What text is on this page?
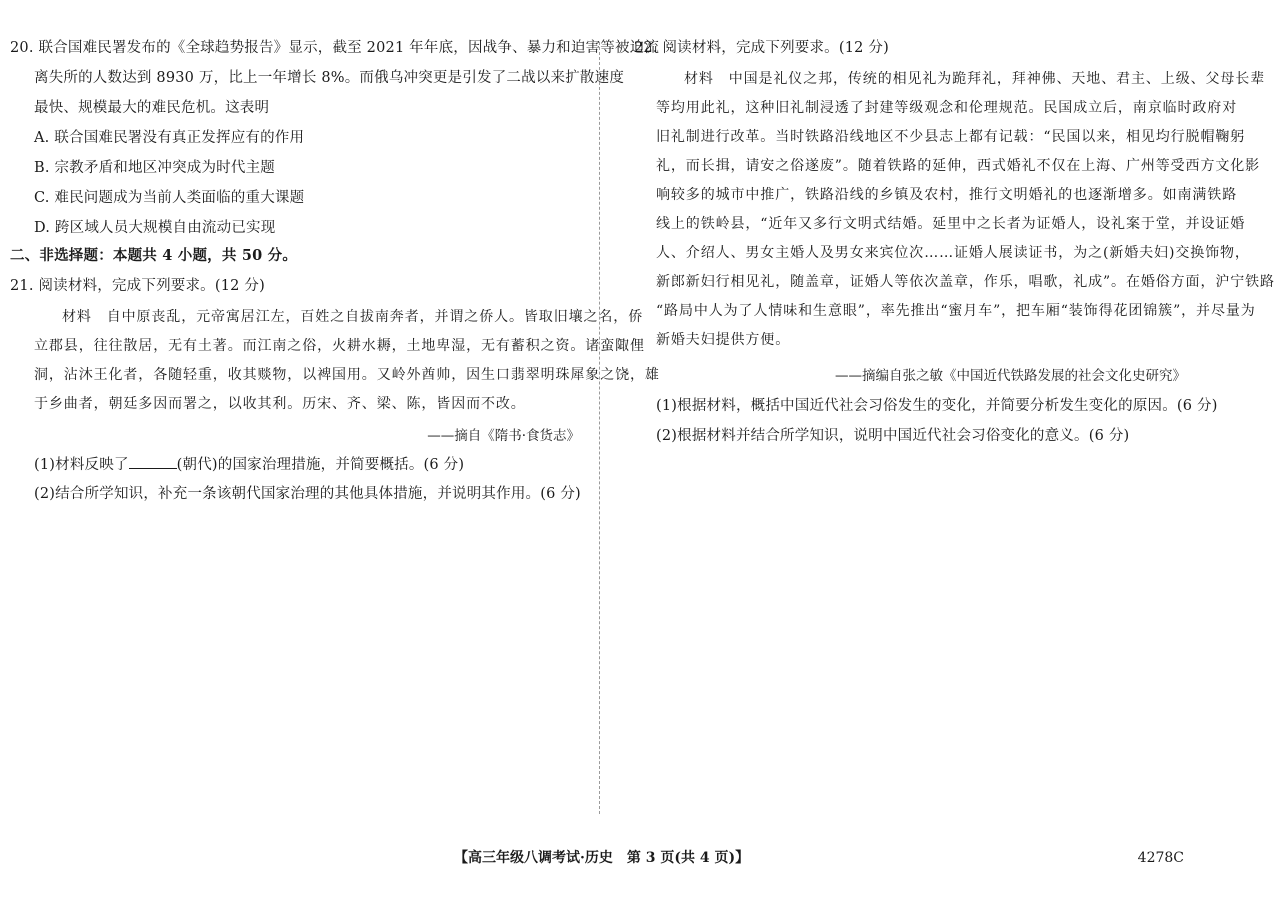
20. 联合国难民署发布的《全球趋势报告》显示，截至 2021 年年底，因战争、暴力和迫害等被迫流
离失所的人数达到 8930 万，比上一年增长 8%。而俄乌冲突更是引发了二战以来扩散速度
最快、规模最大的难民危机。这表明
A. 联合国难民署没有真正发挥应有的作用
B. 宗教矛盾和地区冲突成为时代主题
C. 难民问题成为当前人类面临的重大课题
D. 跨区域人员大规模自由流动已实现
二、非选择题：本题共 4 小题，共 50 分。
21. 阅读材料，完成下列要求。(12 分)
材料　自中原丧乱，元帝寓居江左，百姓之自拔南奔者，并谓之侨人。皆取旧壤之名，侨
立郡县，往往散居，无有土著。而江南之俗，火耕水耨，土地卑湿，无有蓄积之资。诸蛮陬俚
洞，沾沐王化者，各随轻重，收其赕物，以裨国用。又岭外酋帅，因生口翡翠明珠犀象之饶，雄
于乡曲者，朝廷多因而署之，以收其利。历宋、齐、梁、陈，皆因而不改。
——摘自《隋书·食货志》
(1)材料反映了	(朝代)的国家治理措施，并简要概括。(6 分)
(2)结合所学知识，补充一条该朝代国家治理的其他具体措施，并说明其作用。(6 分)
22. 阅读材料，完成下列要求。(12 分)
材料　中国是礼仪之邦，传统的相见礼为跪拜礼，拜神佛、天地、君主、上级、父母长辈
等均用此礼，这种旧礼制浸透了封建等级观念和伦理规范。民国成立后，南京临时政府对
旧礼制进行改革。当时铁路沿线地区不少县志上都有记载：“民国以来，相见均行脱帽鞠躬
礼，而长揖，请安之俗遂废”。随着铁路的延伸，西式婚礼不仅在上海、广州等受西方文化影
响较多的城市中推广，铁路沿线的乡镇及农村，推行文明婚礼的也逐渐增多。如南满铁路
线上的铁岭县，“近年又多行文明式结婚。延里中之长者为证婚人，设礼案于堂，并设证婚
人、介绍人、男女主婚人及男女来宾位次……证婚人展读证书，为之(新婚夫妇)交换饰物，
新郎新妇行相见礼，随盖章，证婚人等依次盖章，作乐，唱歌，礼成”。在婚俗方面，沪宁铁路
“路局中人为了人情味和生意眼”，率先推出“蜜月车”，把车厢“装饰得花团锦簇”，并尽量为
新婚夫妇提供方便。
——摘编自张之敏《中国近代铁路发展的社会文化史研究》
(1)根据材料，概括中国近代社会习俗发生的变化，并简要分析发生变化的原因。(6 分)
(2)根据材料并结合所学知识，说明中国近代社会习俗变化的意义。(6 分)
【高三年级八调考试·历史　第 3 页(共 4 页)】	4278C
